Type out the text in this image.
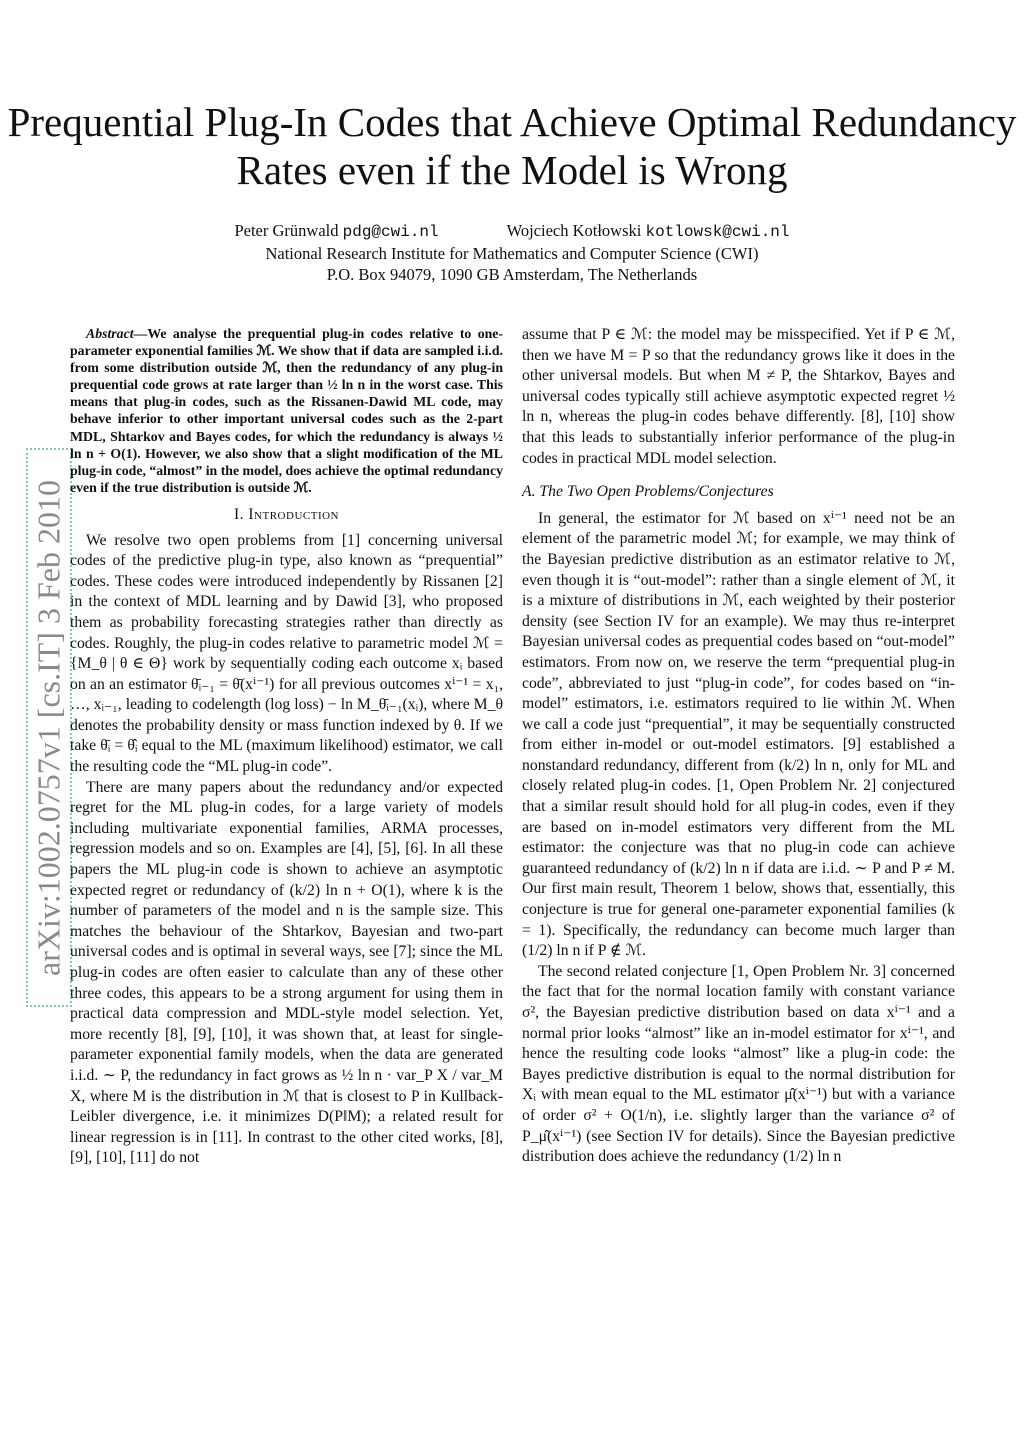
Prequential Plug-In Codes that Achieve Optimal Redundancy Rates even if the Model is Wrong
Peter Grünwald pdg@cwi.nl	Wojciech Kotłowski kotlowsk@cwi.nl
National Research Institute for Mathematics and Computer Science (CWI)
P.O. Box 94079, 1090 GB Amsterdam, The Netherlands
arXiv:1002.0757v1 [cs.IT] 3 Feb 2010

Abstract—We analyse the prequential plug-in codes relative to one-parameter exponential families ℳ. We show that if data are sampled i.i.d. from some distribution outside ℳ, then the redundancy of any plug-in prequential code grows at rate larger than ½ ln n in the worst case. This means that plug-in codes, such as the Rissanen-Dawid ML code, may behave inferior to other important universal codes such as the 2-part MDL, Shtarkov and Bayes codes, for which the redundancy is always ½ ln n + O(1). However, we also show that a slight modification of the ML plug-in code, “almost” in the model, does achieve the optimal redundancy even if the true distribution is outside ℳ.

I. Introduction

We resolve two open problems from [1] concerning universal codes of the predictive plug-in type, also known as “prequential” codes. These codes were introduced independently by Rissanen [2] in the context of MDL learning and by Dawid [3], who proposed them as probability forecasting strategies rather than directly as codes. Roughly, the plug-in codes relative to parametric model ℳ = {M_θ | θ ∈ Θ} work by sequentially coding each outcome xᵢ based on an an estimator θ̄ᵢ₋₁ = θ̄(xⁱ⁻¹) for all previous outcomes xⁱ⁻¹ = x₁, …, xᵢ₋₁, leading to codelength (log loss) − ln M_θ̄ᵢ₋₁(xᵢ), where M_θ denotes the probability density or mass function indexed by θ. If we take θ̄ᵢ = θ̂ᵢ equal to the ML (maximum likelihood) estimator, we call the resulting code the “ML plug-in code”.

There are many papers about the redundancy and/or expected regret for the ML plug-in codes, for a large variety of models including multivariate exponential families, ARMA processes, regression models and so on. Examples are [4], [5], [6]. In all these papers the ML plug-in code is shown to achieve an asymptotic expected regret or redundancy of (k/2) ln n + O(1), where k is the number of parameters of the model and n is the sample size. This matches the behaviour of the Shtarkov, Bayesian and two-part universal codes and is optimal in several ways, see [7]; since the ML plug-in codes are often easier to calculate than any of these other three codes, this appears to be a strong argument for using them in practical data compression and MDL-style model selection. Yet, more recently [8], [9], [10], it was shown that, at least for single-parameter exponential family models, when the data are generated i.i.d. ∼ P, the redundancy in fact grows as ½ ln n · var_P X / var_M X, where M is the distribution in ℳ that is closest to P in Kullback-Leibler divergence, i.e. it minimizes D(P‖M); a related result for linear regression is in [11]. In contrast to the other cited works, [8], [9], [10], [11] do not

assume that P ∈ ℳ: the model may be misspecified. Yet if P ∈ ℳ, then we have M = P so that the redundancy grows like it does in the other universal models. But when M ≠ P, the Shtarkov, Bayes and universal codes typically still achieve asymptotic expected regret ½ ln n, whereas the plug-in codes behave differently. [8], [10] show that this leads to substantially inferior performance of the plug-in codes in practical MDL model selection.

A. The Two Open Problems/Conjectures

In general, the estimator for ℳ based on xⁱ⁻¹ need not be an element of the parametric model ℳ; for example, we may think of the Bayesian predictive distribution as an estimator relative to ℳ, even though it is “out-model”: rather than a single element of ℳ, it is a mixture of distributions in ℳ, each weighted by their posterior density (see Section IV for an example). We may thus re-interpret Bayesian universal codes as prequential codes based on “out-model” estimators. From now on, we reserve the term “prequential plug-in code”, abbreviated to just “plug-in code”, for codes based on “in-model” estimators, i.e. estimators required to lie within ℳ. When we call a code just “prequential”, it may be sequentially constructed from either in-model or out-model estimators. [9] established a nonstandard redundancy, different from (k/2) ln n, only for ML and closely related plug-in codes. [1, Open Problem Nr. 2] conjectured that a similar result should hold for all plug-in codes, even if they are based on in-model estimators very different from the ML estimator: the conjecture was that no plug-in code can achieve guaranteed redundancy of (k/2) ln n if data are i.i.d. ∼ P and P ≠ M. Our first main result, Theorem 1 below, shows that, essentially, this conjecture is true for general one-parameter exponential families (k = 1). Specifically, the redundancy can become much larger than (1/2) ln n if P ∉ ℳ.

The second related conjecture [1, Open Problem Nr. 3] concerned the fact that for the normal location family with constant variance σ², the Bayesian predictive distribution based on data xⁱ⁻¹ and a normal prior looks “almost” like an in-model estimator for xⁱ⁻¹, and hence the resulting code looks “almost” like a plug-in code: the Bayes predictive distribution is equal to the normal distribution for Xᵢ with mean equal to the ML estimator μ̂(xⁱ⁻¹) but with a variance of order σ² + O(1/n), i.e. slightly larger than the variance σ² of P_μ̂(xⁱ⁻¹) (see Section IV for details). Since the Bayesian predictive distribution does achieve the redundancy (1/2) ln n
